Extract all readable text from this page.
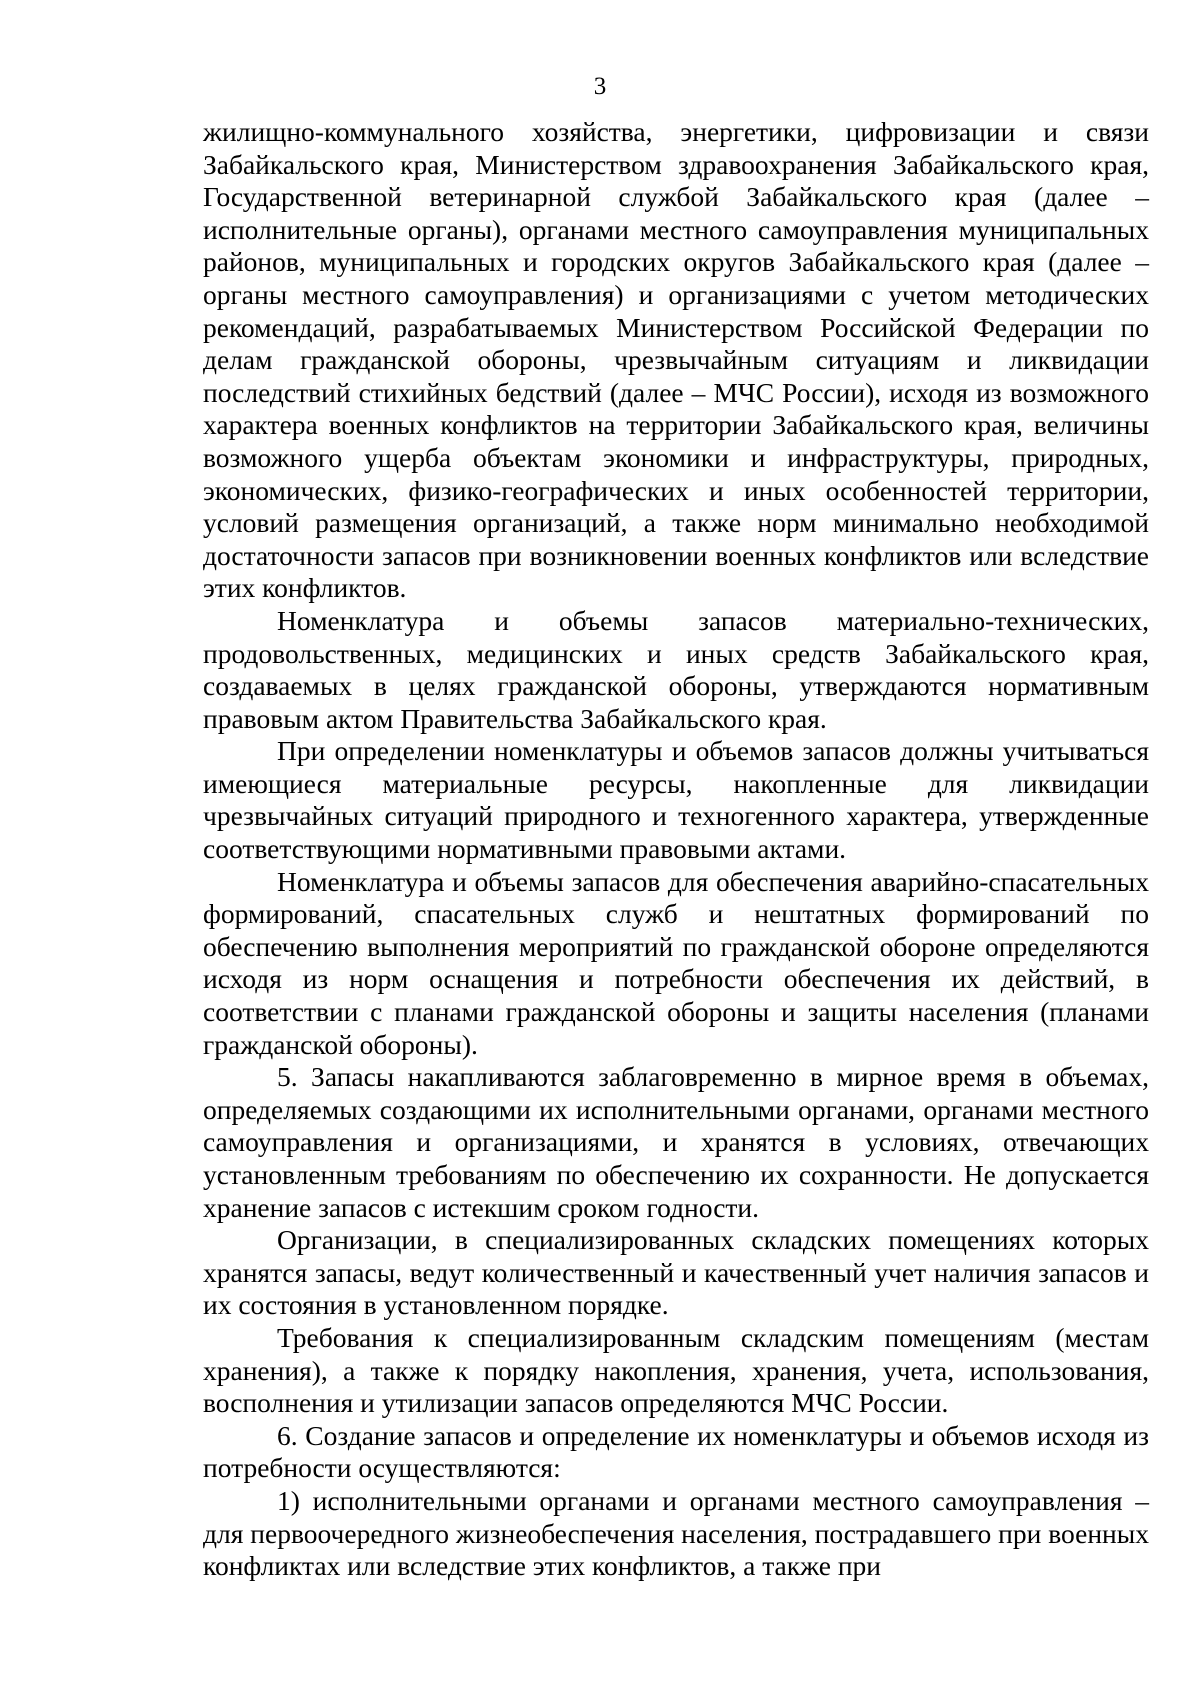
3

жилищно-коммунального хозяйства, энергетики, цифровизации и связи Забайкальского края, Министерством здравоохранения Забайкальского края, Государственной ветеринарной службой Забайкальского края (далее – исполнительные органы), органами местного самоуправления муниципальных районов, муниципальных и городских округов Забайкальского края (далее – органы местного самоуправления) и организациями с учетом методических рекомендаций, разрабатываемых Министерством Российской Федерации по делам гражданской обороны, чрезвычайным ситуациям и ликвидации последствий стихийных бедствий (далее – МЧС России), исходя из возможного характера военных конфликтов на территории Забайкальского края, величины возможного ущерба объектам экономики и инфраструктуры, природных, экономических, физико-географических и иных особенностей территории, условий размещения организаций, а также норм минимально необходимой достаточности запасов при возникновении военных конфликтов или вследствие этих конфликтов.

Номенклатура и объемы запасов материально-технических, продовольственных, медицинских и иных средств Забайкальского края, создаваемых в целях гражданской обороны, утверждаются нормативным правовым актом Правительства Забайкальского края.

При определении номенклатуры и объемов запасов должны учитываться имеющиеся материальные ресурсы, накопленные для ликвидации чрезвычайных ситуаций природного и техногенного характера, утвержденные соответствующими нормативными правовыми актами.

Номенклатура и объемы запасов для обеспечения аварийно-спасательных формирований, спасательных служб и нештатных формирований по обеспечению выполнения мероприятий по гражданской обороне определяются исходя из норм оснащения и потребности обеспечения их действий, в соответствии с планами гражданской обороны и защиты населения (планами гражданской обороны).

5. Запасы накапливаются заблаговременно в мирное время в объемах, определяемых создающими их исполнительными органами, органами местного самоуправления и организациями, и хранятся в условиях, отвечающих установленным требованиям по обеспечению их сохранности. Не допускается хранение запасов с истекшим сроком годности.

Организации, в специализированных складских помещениях которых хранятся запасы, ведут количественный и качественный учет наличия запасов и их состояния в установленном порядке.

Требования к специализированным складским помещениям (местам хранения), а также к порядку накопления, хранения, учета, использования, восполнения и утилизации запасов определяются МЧС России.

6. Создание запасов и определение их номенклатуры и объемов исходя из потребности осуществляются:

1) исполнительными органами и органами местного самоуправления – для первоочередного жизнеобеспечения населения, пострадавшего при военных конфликтах или вследствие этих конфликтов, а также при
